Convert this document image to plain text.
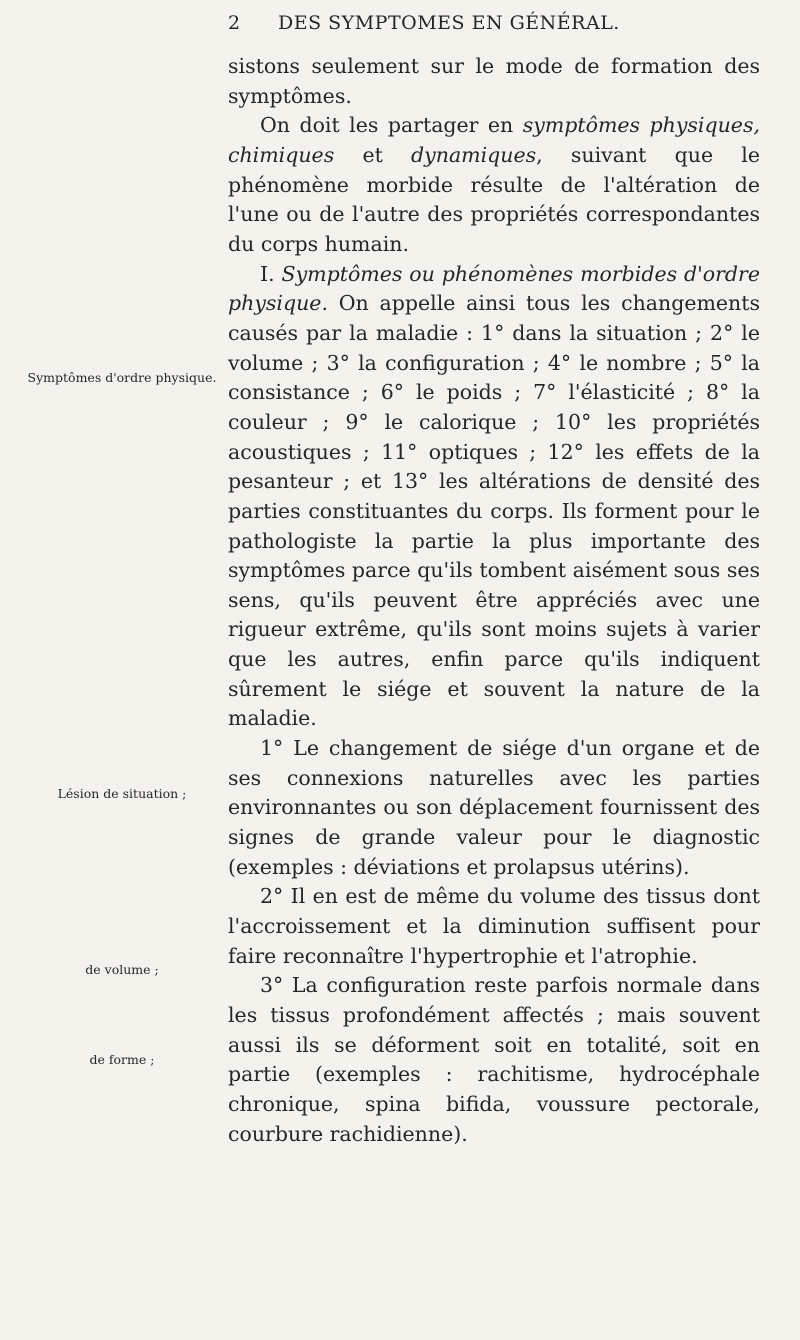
2 DES SYMPTOMES EN GÉNÉRAL.
Symptômes d'ordre physique.
Lésion de situation ;
de volume ;
de forme ;

sistons seulement sur le mode de formation des symptômes.

On doit les partager en symptômes physiques, chimiques et dynamiques, suivant que le phénomène morbide résulte de l'altération de l'une ou de l'autre des propriétés correspondantes du corps humain.

I. Symptômes ou phénomènes morbides d'ordre physique. On appelle ainsi tous les changements causés par la maladie : 1° dans la situation ; 2° le volume ; 3° la configuration ; 4° le nombre ; 5° la consistance ; 6° le poids ; 7° l'élasticité ; 8° la couleur ; 9° le calorique ; 10° les propriétés acoustiques ; 11° optiques ; 12° les effets de la pesanteur ; et 13° les altérations de densité des parties constituantes du corps. Ils forment pour le pathologiste la partie la plus importante des symptômes parce qu'ils tombent aisément sous ses sens, qu'ils peuvent être appréciés avec une rigueur extrême, qu'ils sont moins sujets à varier que les autres, enfin parce qu'ils indiquent sûrement le siége et souvent la nature de la maladie.

1° Le changement de siége d'un organe et de ses connexions naturelles avec les parties environnantes ou son déplacement fournissent des signes de grande valeur pour le diagnostic (exemples : déviations et prolapsus utérins).

2° Il en est de même du volume des tissus dont l'accroissement et la diminution suffisent pour faire reconnaître l'hypertrophie et l'atrophie.

3° La configuration reste parfois normale dans les tissus profondément affectés ; mais souvent aussi ils se déforment soit en totalité, soit en partie (exemples : rachitisme, hydrocéphale chronique, spina bifida, voussure pectorale, courbure rachidienne).
